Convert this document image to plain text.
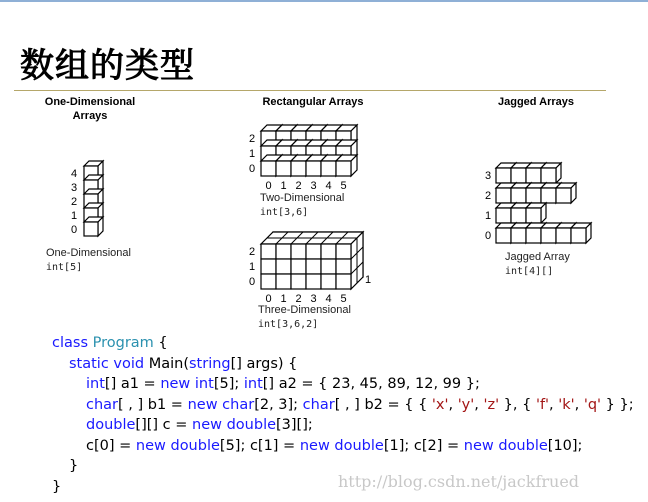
数组的类型
One-Dimensional Arrays
Rectangular Arrays	Jagged Arrays
4
3
2
1
0
One-Dimensional
int[5]
2
1
0
0 1 2 3 4 5
Two-Dimensional
int[3,6]
2
1
0
0 1 2 3 4 5
1
Three-Dimensional
int[3,6,2]
3
2
1
0
Jagged Array
int[4][]
class Program {
static void Main(string[] args) {
int[] a1 = new int[5]; int[] a2 = { 23, 45, 89, 12, 99 };
char[ , ] b1 = new char[2, 3]; char[ , ] b2 = { { 'x', 'y', 'z' }, { 'f', 'k', 'q' } };
double[][] c = new double[3][];
c[0] = new double[5]; c[1] = new double[1]; c[2] = new double[10];
}
}	http://blog.csdn.net/jackfrued
